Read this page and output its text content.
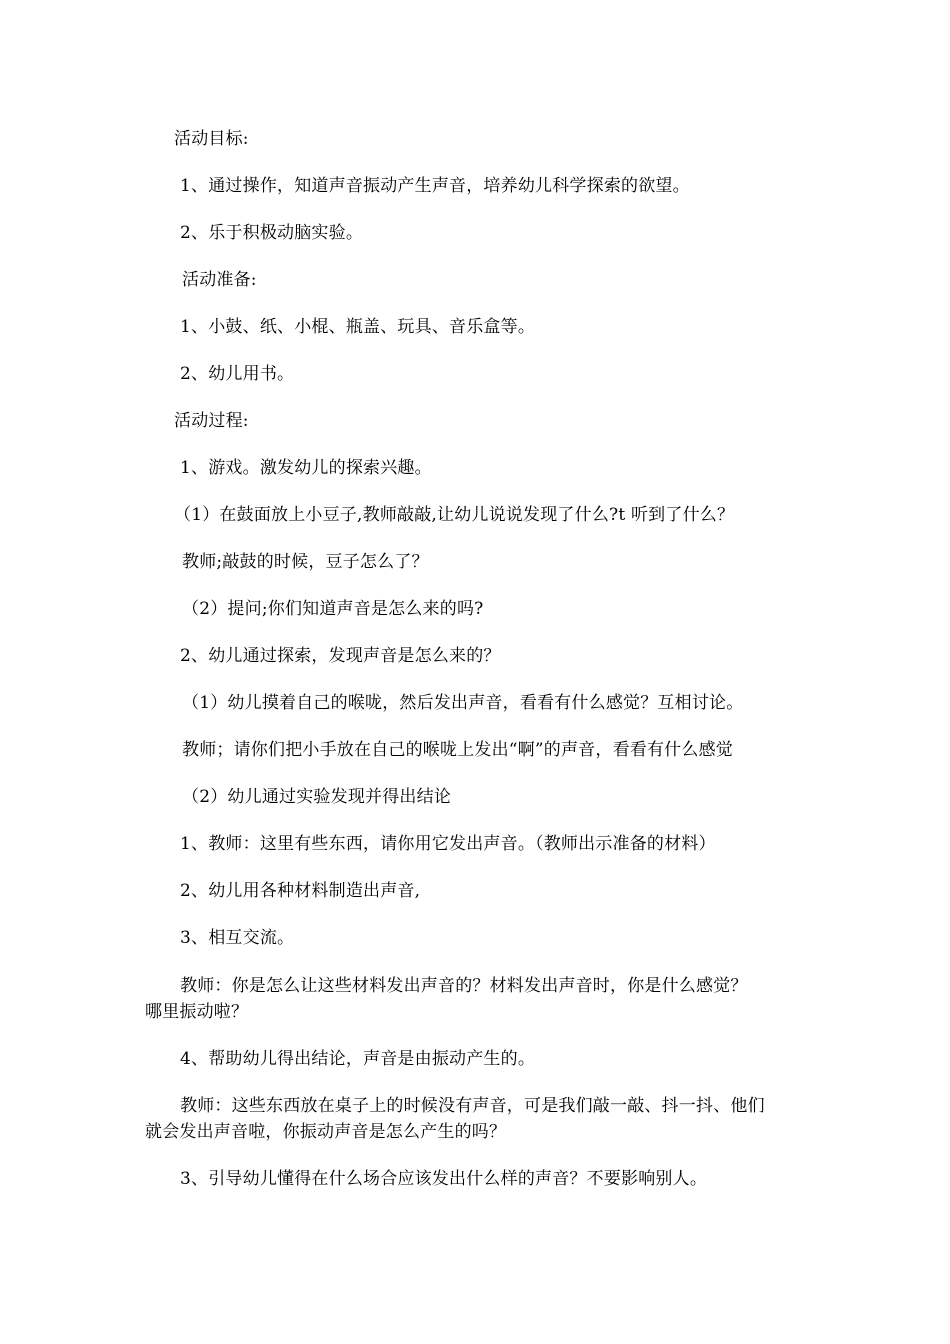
活动目标:
1、通过操作，知道声音振动产生声音，培养幼儿科学探索的欲望。
2、乐于积极动脑实验。
活动准备:
1、小鼓、纸、小棍、瓶盖、玩具、音乐盒等。
2、幼儿用书。
活动过程:
1、游戏。激发幼儿的探索兴趣。
（1）在鼓面放上小豆子,教师敲敲,让幼儿说说发现了什么?t 听到了什么？
教师;敲鼓的时候，豆子怎么了？
（2）提问;你们知道声音是怎么来的吗?
2、幼儿通过探索，发现声音是怎么来的？
（1）幼儿摸着自己的喉咙，然后发出声音，看看有什么感觉？互相讨论。
教师；请你们把小手放在自己的喉咙上发出“啊”的声音，看看有什么感觉
（2）幼儿通过实验发现并得出结论
1、教师：这里有些东西，请你用它发出声音。（教师出示准备的材料）
2、幼儿用各种材料制造出声音,
3、相互交流。
教师：你是怎么让这些材料发出声音的？材料发出声音时，你是什么感觉？
哪里振动啦？
4、帮助幼儿得出结论，声音是由振动产生的。
教师：这些东西放在桌子上的时候没有声音，可是我们敲一敲、抖一抖、他们
就会发出声音啦，你振动声音是怎么产生的吗？
3、引导幼儿懂得在什么场合应该发出什么样的声音？不要影响别人。
